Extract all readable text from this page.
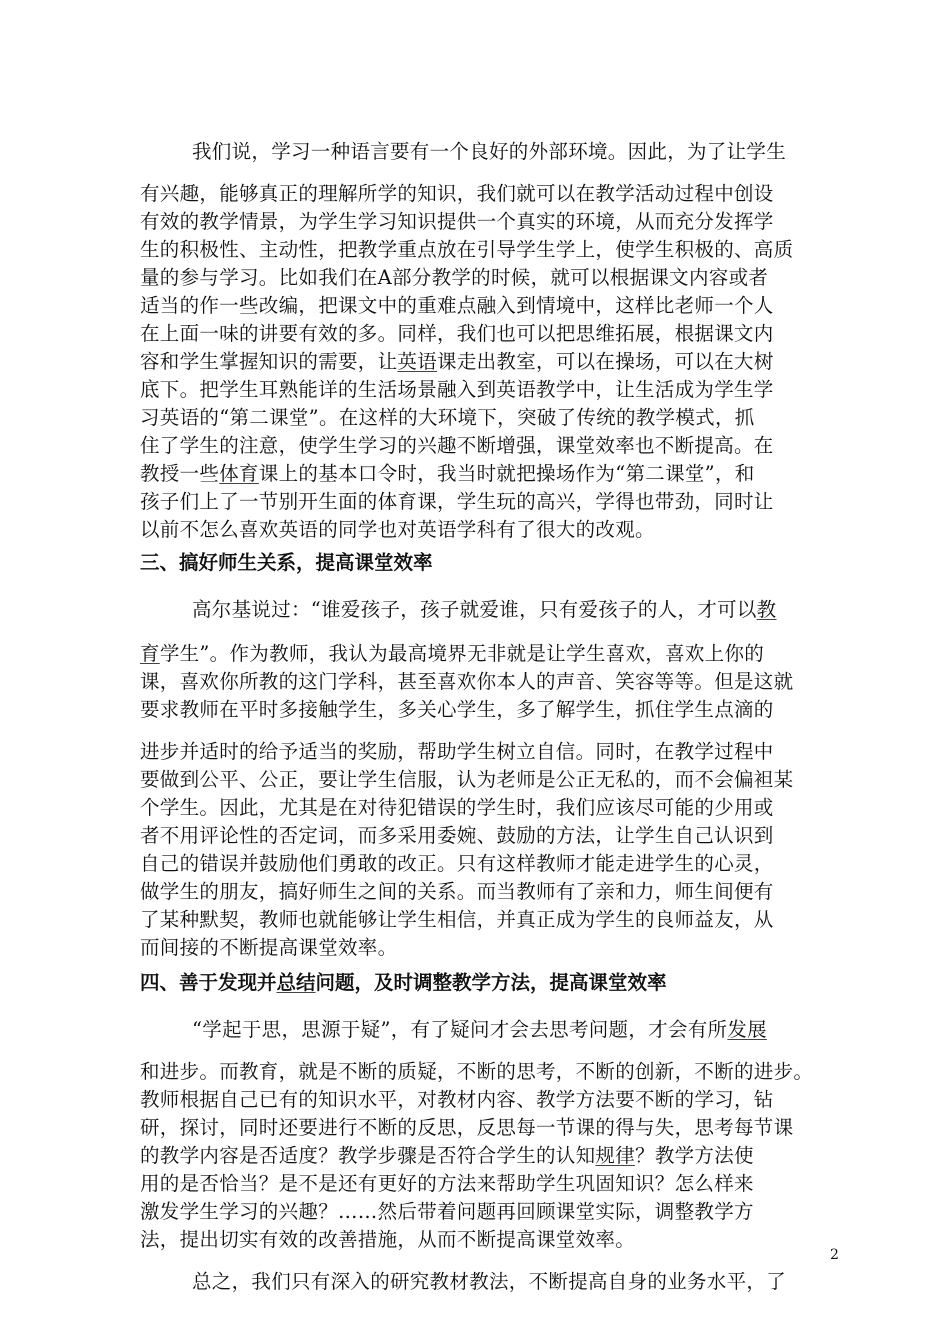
我们说，学习一种语言要有一个良好的外部环境。因此，为了让学生
有兴趣，能够真正的理解所学的知识，我们就可以在教学活动过程中创设
有效的教学情景，为学生学习知识提供一个真实的环境，从而充分发挥学
生的积极性、主动性，把教学重点放在引导学生学上，使学生积极的、高质
量的参与学习。比如我们在A部分教学的时候，就可以根据课文内容或者
适当的作一些改编，把课文中的重难点融入到情境中，这样比老师一个人
在上面一味的讲要有效的多。同样，我们也可以把思维拓展，根据课文内
容和学生掌握知识的需要，让英语课走出教室，可以在操场，可以在大树
底下。把学生耳熟能详的生活场景融入到英语教学中，让生活成为学生学
习英语的“第二课堂”。在这样的大环境下，突破了传统的教学模式，抓
住了学生的注意，使学生学习的兴趣不断增强，课堂效率也不断提高。在
教授一些体育课上的基本口令时，我当时就把操场作为“第二课堂”，和
孩子们上了一节别开生面的体育课，学生玩的高兴，学得也带劲，同时让
以前不怎么喜欢英语的同学也对英语学科有了很大的改观。
高尔基说过：“谁爱孩子，孩子就爱谁，只有爱孩子的人，才可以教
育学生”。作为教师，我认为最高境界无非就是让学生喜欢，喜欢上你的
课，喜欢你所教的这门学科，甚至喜欢你本人的声音、笑容等等。但是这就
要求教师在平时多接触学生，多关心学生，多了解学生，抓住学生点滴的
进步并适时的给予适当的奖励，帮助学生树立自信。同时，在教学过程中
要做到公平、公正，要让学生信服，认为老师是公正无私的，而不会偏袒某
个学生。因此，尤其是在对待犯错误的学生时，我们应该尽可能的少用或
者不用评论性的否定词，而多采用委婉、鼓励的方法，让学生自己认识到
自己的错误并鼓励他们勇敢的改正。只有这样教师才能走进学生的心灵，
做学生的朋友，搞好师生之间的关系。而当教师有了亲和力，师生间便有
了某种默契，教师也就能够让学生相信，并真正成为学生的良师益友，从
而间接的不断提高课堂效率。
“学起于思，思源于疑”，有了疑问才会去思考问题，才会有所发展
和进步。而教育，就是不断的质疑，不断的思考，不断的创新，不断的进步。
教师根据自己已有的知识水平，对教材内容、教学方法要不断的学习，钻
研，探讨，同时还要进行不断的反思，反思每一节课的得与失，思考每节课
的教学内容是否适度？教学步骤是否符合学生的认知规律？教学方法使
用的是否恰当？是不是还有更好的方法来帮助学生巩固知识？怎么样来
激发学生学习的兴趣？……然后带着问题再回顾课堂实际，调整教学方
法，提出切实有效的改善措施，从而不断提高课堂效率。
总之，我们只有深入的研究教材教法，不断提高自身的业务水平，了
三、搞好师生关系，提高课堂效率
四、善于发现并总结问题，及时调整教学方法，提高课堂效率
2
